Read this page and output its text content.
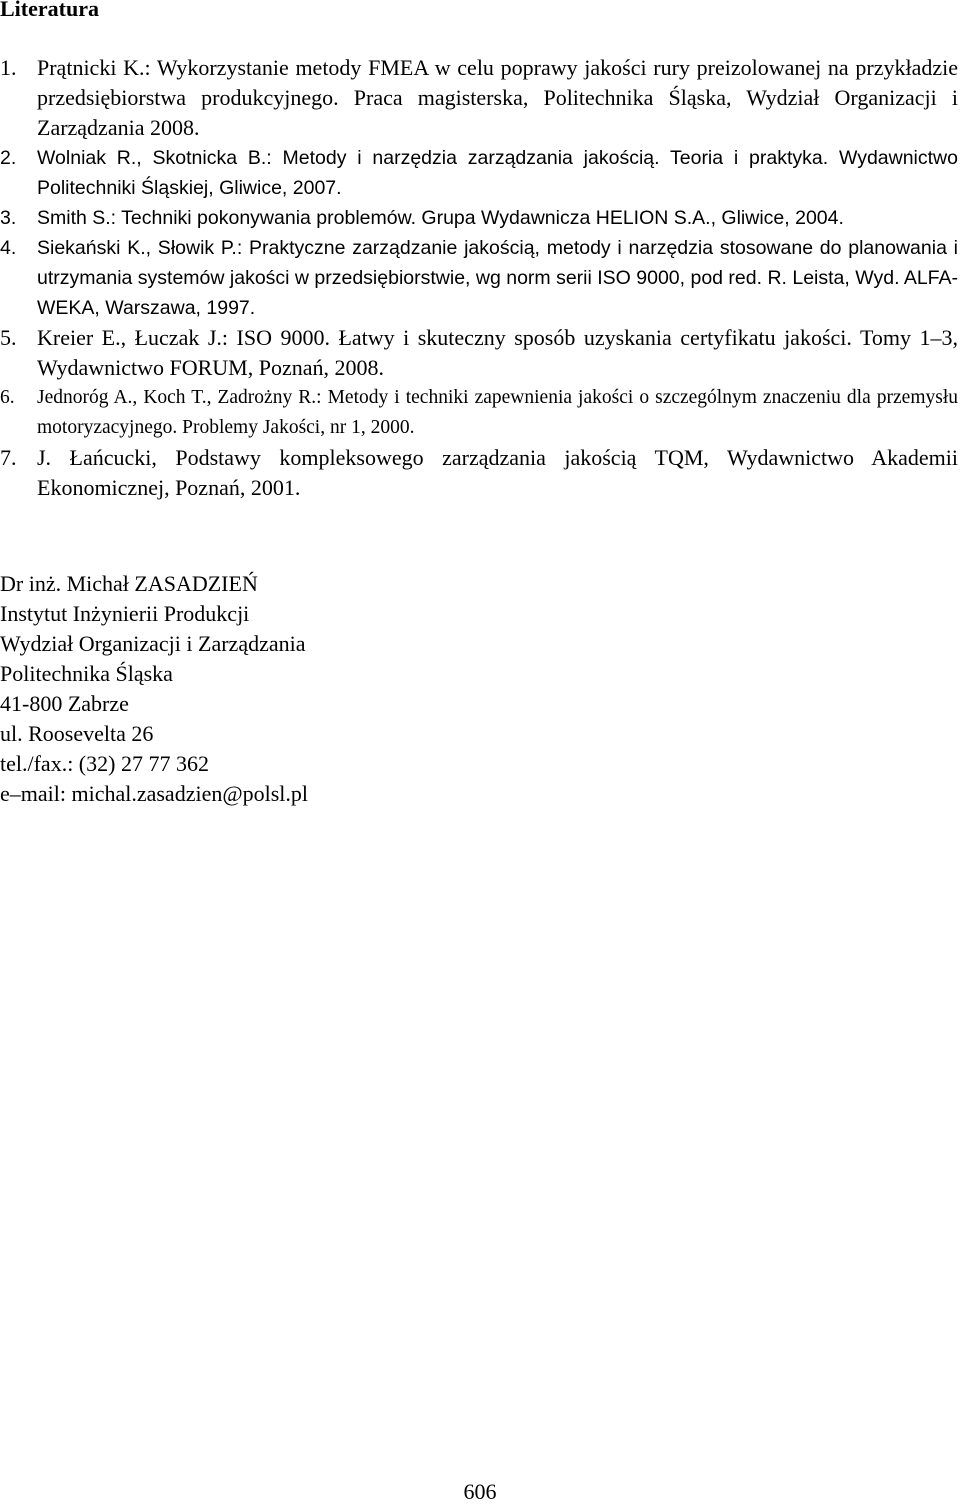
Literatura
1. Prątnicki K.: Wykorzystanie metody FMEA w celu poprawy jakości rury preizolowanej na przykładzie przedsiębiorstwa produkcyjnego. Praca magisterska, Politechnika Śląska, Wydział Organizacji i Zarządzania 2008.
2.	Wolniak R., Skotnicka B.: Metody i narzędzia zarządzania jakością. Teoria i praktyka. Wydawnictwo Politechniki Śląskiej, Gliwice, 2007.
3.	Smith S.: Techniki pokonywania problemów. Grupa Wydawnicza HELION S.A., Gliwice, 2004.
4.	Siekański K., Słowik P.: Praktyczne zarządzanie jakością, metody i narzędzia stosowane do planowania i utrzymania systemów jakości w przedsiębiorstwie, wg norm serii ISO 9000, pod red. R. Leista, Wyd. ALFA-WEKA, Warszawa, 1997.
5. Kreier E., Łuczak J.: ISO 9000. Łatwy i skuteczny sposób uzyskania certyfikatu jakości. Tomy 1–3, Wydawnictwo FORUM, Poznań, 2008.
6.	Jednoróg A., Koch T., Zadrożny R.: Metody i techniki zapewnienia jakości o szczególnym znaczeniu dla przemysłu motoryzacyjnego. Problemy Jakości, nr 1, 2000.
7. J. Łańcucki, Podstawy kompleksowego zarządzania jakością TQM, Wydawnictwo Akademii Ekonomicznej, Poznań, 2001.
Dr inż. Michał ZASADZIEŃ
Instytut Inżynierii Produkcji
Wydział Organizacji i Zarządzania
Politechnika Śląska
41-800 Zabrze
ul. Roosevelta 26
tel./fax.: (32) 27 77 362
e–mail: michal.zasadzien@polsl.pl
606
